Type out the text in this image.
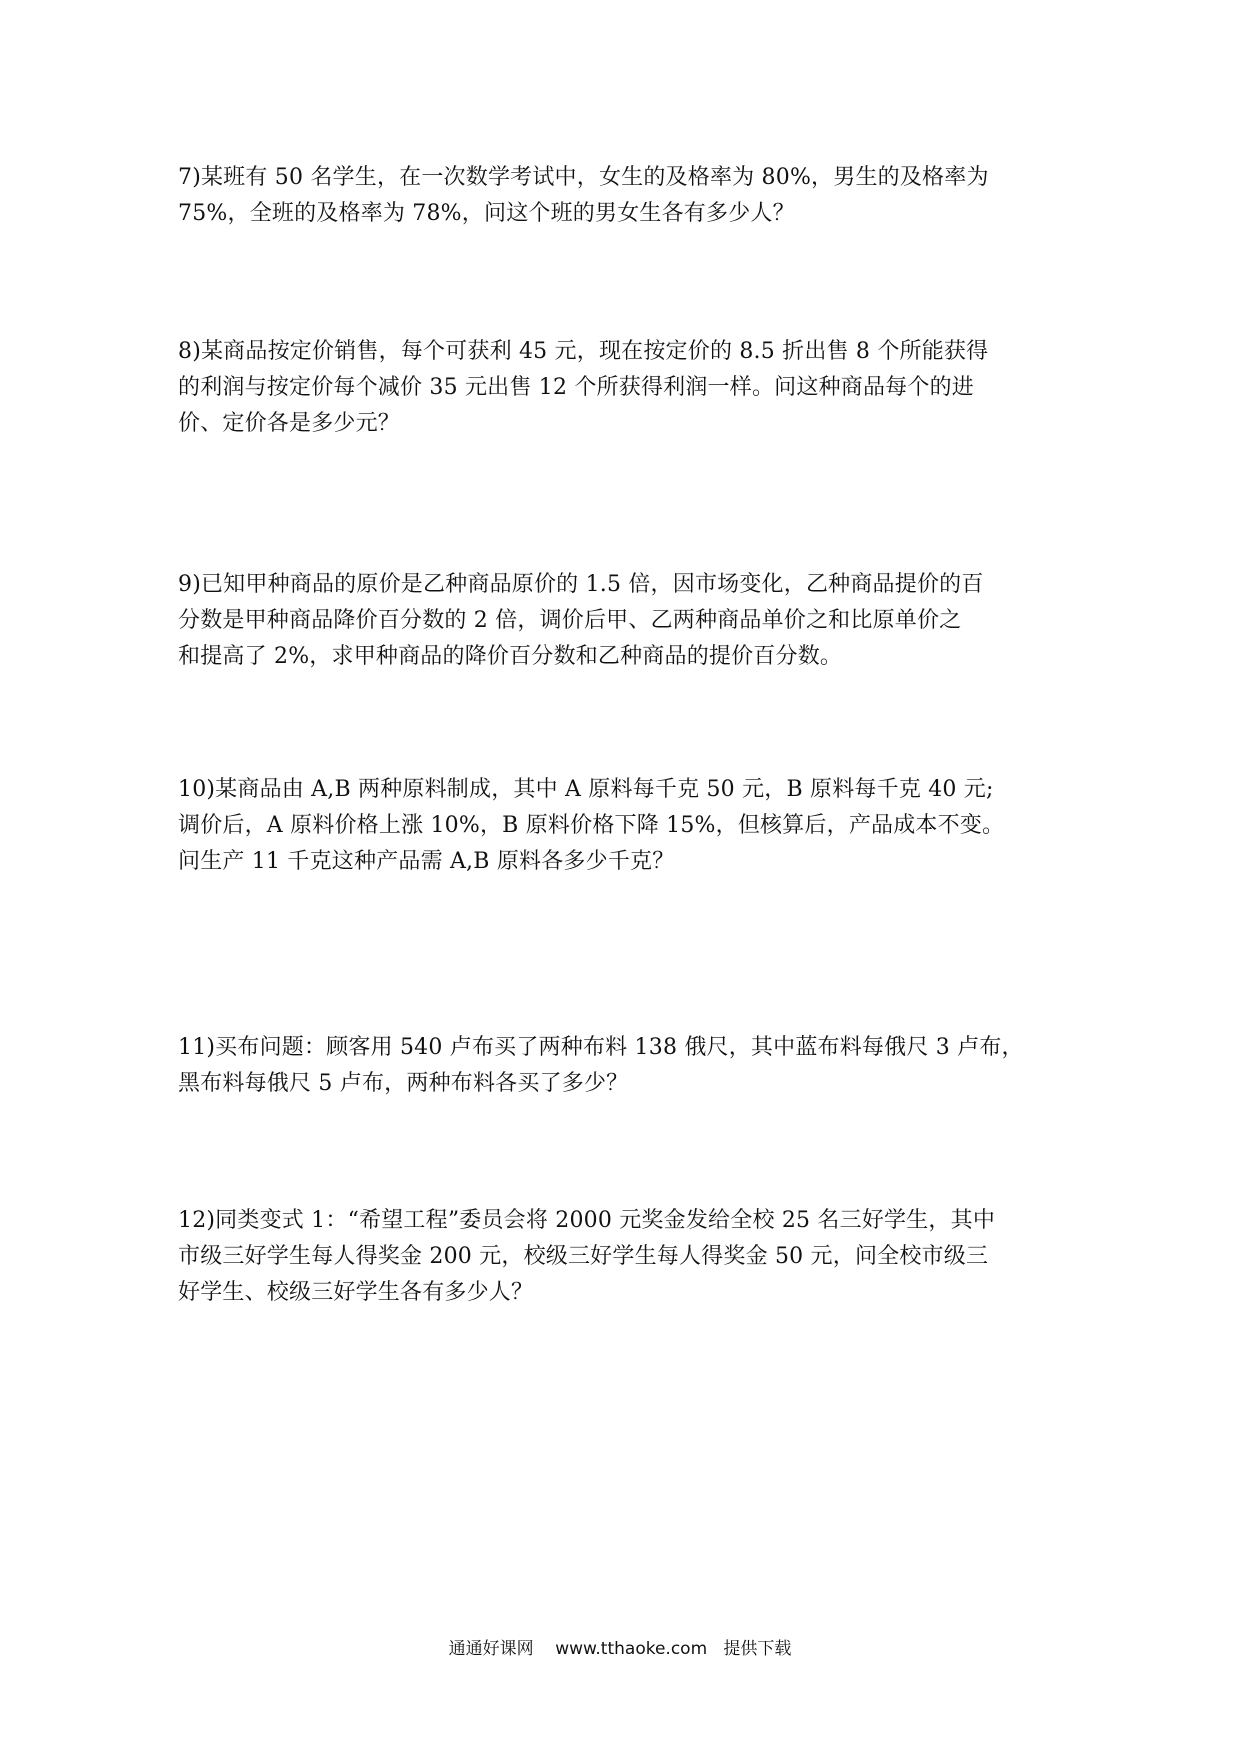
7)某班有 50 名学生，在一次数学考试中，女生的及格率为 80%，男生的及格率为

75%，全班的及格率为 78%，问这个班的男女生各有多少人？

8)某商品按定价销售，每个可获利 45 元，现在按定价的 8.5 折出售 8 个所能获得

的利润与按定价每个减价 35 元出售 12 个所获得利润一样。问这种商品每个的进

价、定价各是多少元？

9)已知甲种商品的原价是乙种商品原价的 1.5 倍，因市场变化，乙种商品提价的百

分数是甲种商品降价百分数的 2 倍，调价后甲、乙两种商品单价之和比原单价之

和提高了 2%，求甲种商品的降价百分数和乙种商品的提价百分数。

10)某商品由 A,B 两种原料制成，其中 A 原料每千克 50 元，B 原料每千克 40 元;

调价后，A 原料价格上涨 10%，B 原料价格下降 15%，但核算后，产品成本不变。

问生产 11 千克这种产品需 A,B 原料各多少千克？

11)买布问题：顾客用 540 卢布买了两种布料 138 俄尺，其中蓝布料每俄尺 3 卢布，

黑布料每俄尺 5 卢布，两种布料各买了多少？

12)同类变式 1：“希望工程”委员会将 2000 元奖金发给全校 25 名三好学生，其中

市级三好学生每人得奖金 200 元，校级三好学生每人得奖金 50 元，问全校市级三

好学生、校级三好学生各有多少人？

通通好课网 www.tthaoke.com 提供下载
